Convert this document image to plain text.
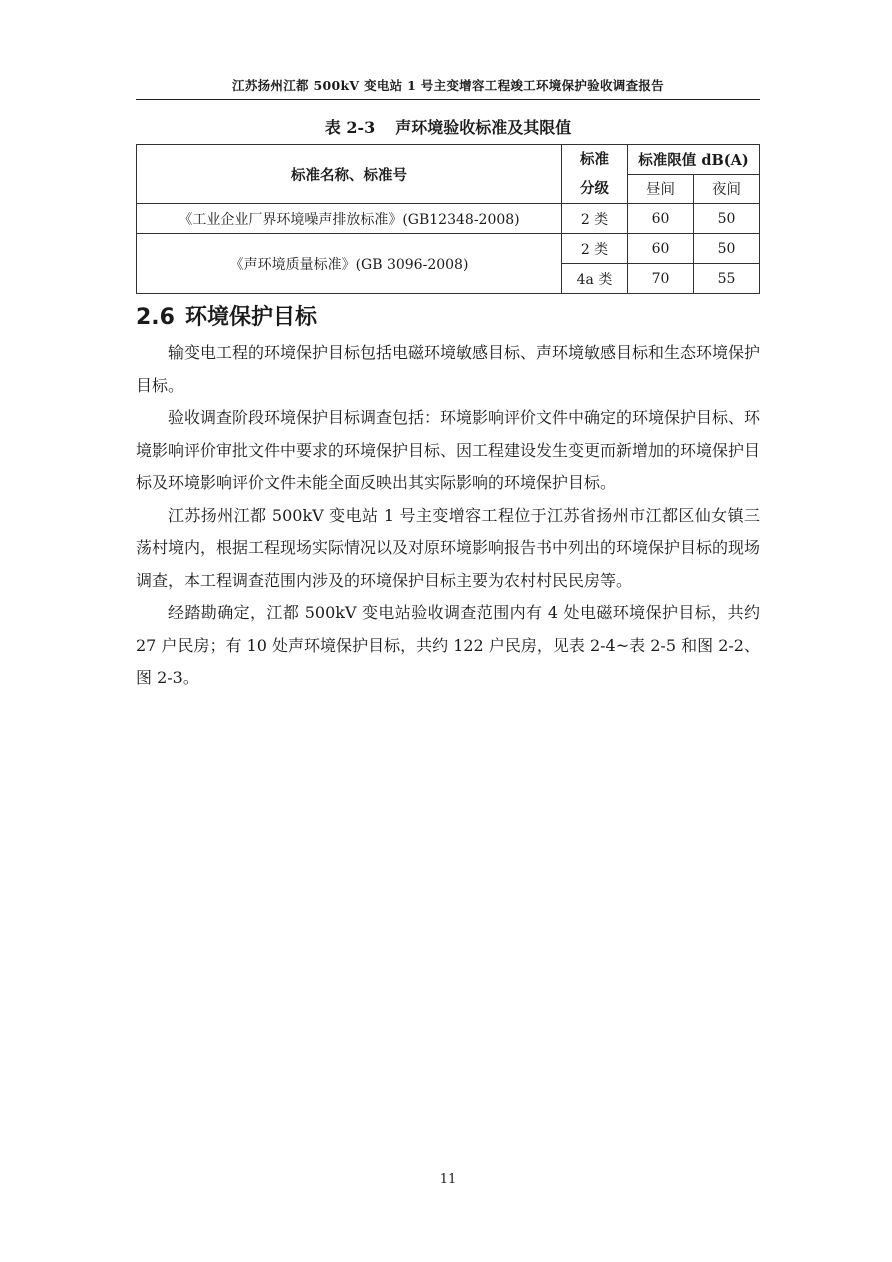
江苏扬州江都 500kV 变电站 1 号主变增容工程竣工环境保护验收调查报告
表 2-3 声环境验收标准及其限值
标准名称、标准号	标准分级	标准限值 dB(A)	
		昼间	夜间
《工业企业厂界环境噪声排放标准》(GB12348-2008)	2 类	60	50
《声环境质量标准》(GB 3096-2008)	2 类	60	50
	4a 类	70	55
2.6 环境保护目标

输变电工程的环境保护目标包括电磁环境敏感目标、声环境敏感目标和生态环境保护目标。

验收调查阶段环境保护目标调查包括：环境影响评价文件中确定的环境保护目标、环境影响评价审批文件中要求的环境保护目标、因工程建设发生变更而新增加的环境保护目标及环境影响评价文件未能全面反映出其实际影响的环境保护目标。

江苏扬州江都 500kV 变电站 1 号主变增容工程位于江苏省扬州市江都区仙女镇三荡村境内，根据工程现场实际情况以及对原环境影响报告书中列出的环境保护目标的现场调查，本工程调查范围内涉及的环境保护目标主要为农村村民民房等。

经踏勘确定，江都 500kV 变电站验收调查范围内有 4 处电磁环境保护目标，共约 27 户民房；有 10 处声环境保护目标，共约 122 户民房，见表 2-4~表 2-5 和图 2-2、图 2-3。

11
